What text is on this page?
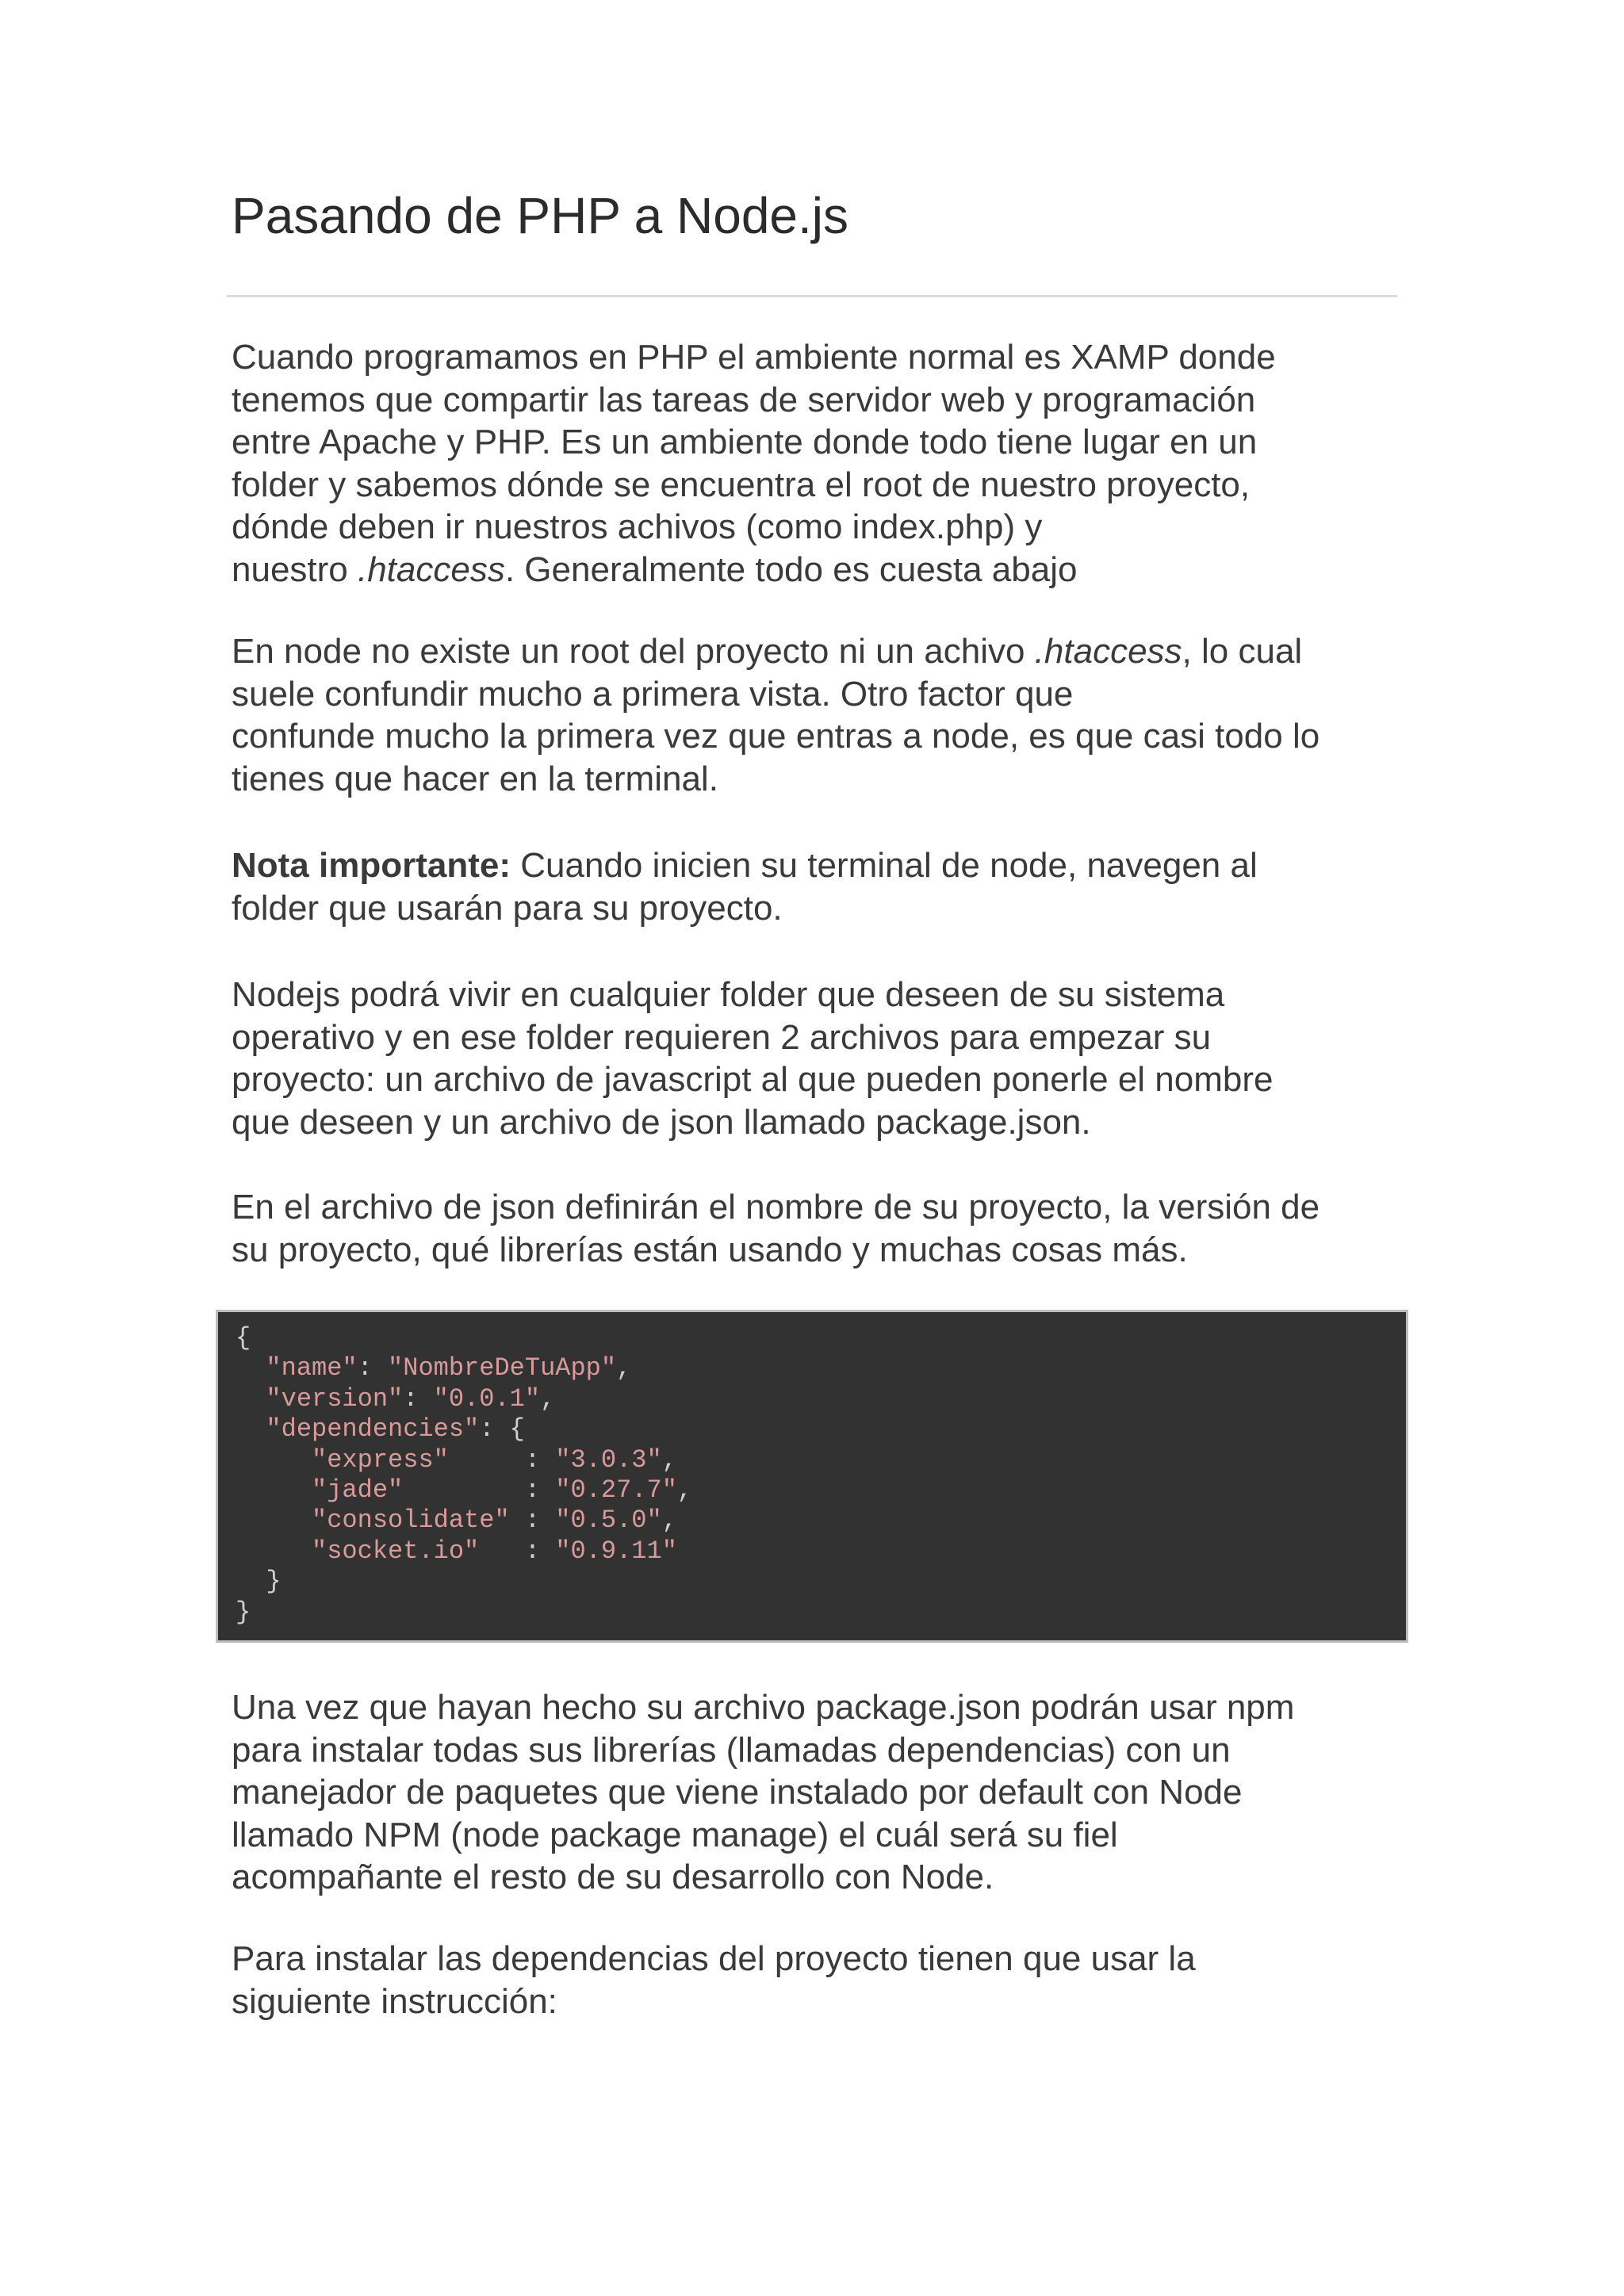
Pasando de PHP a Node.js

Cuando programamos en PHP el ambiente normal es XAMP donde
tenemos que compartir las tareas de servidor web y programación
entre Apache y PHP. Es un ambiente donde todo tiene lugar en un
folder y sabemos dónde se encuentra el root de nuestro proyecto,
dónde deben ir nuestros achivos (como index.php) y
nuestro .htaccess. Generalmente todo es cuesta abajo

En node no existe un root del proyecto ni un achivo .htaccess, lo cual
suele confundir mucho a primera vista. Otro factor que
confunde mucho la primera vez que entras a node, es que casi todo lo
tienes que hacer en la terminal.

Nota importante: Cuando inicien su terminal de node, navegen al
folder que usarán para su proyecto.

Nodejs podrá vivir en cualquier folder que deseen de su sistema
operativo y en ese folder requieren 2 archivos para empezar su
proyecto: un archivo de javascript al que pueden ponerle el nombre
que deseen y un archivo de json llamado package.json.

En el archivo de json definirán el nombre de su proyecto, la versión de
su proyecto, qué librerías están usando y muchas cosas más.

{
"name": "NombreDeTuApp",
"version": "0.0.1",
"dependencies": {
"express"	: "3.0.3",
"jade"	: "0.27.7",
"consolidate" : "0.5.0",
"socket.io" : "0.9.11"
}
}

Una vez que hayan hecho su archivo package.json podrán usar npm
para instalar todas sus librerías (llamadas dependencias) con un
manejador de paquetes que viene instalado por default con Node
llamado NPM (node package manage) el cuál será su fiel
acompañante el resto de su desarrollo con Node.

Para instalar las dependencias del proyecto tienen que usar la
siguiente instrucción:
